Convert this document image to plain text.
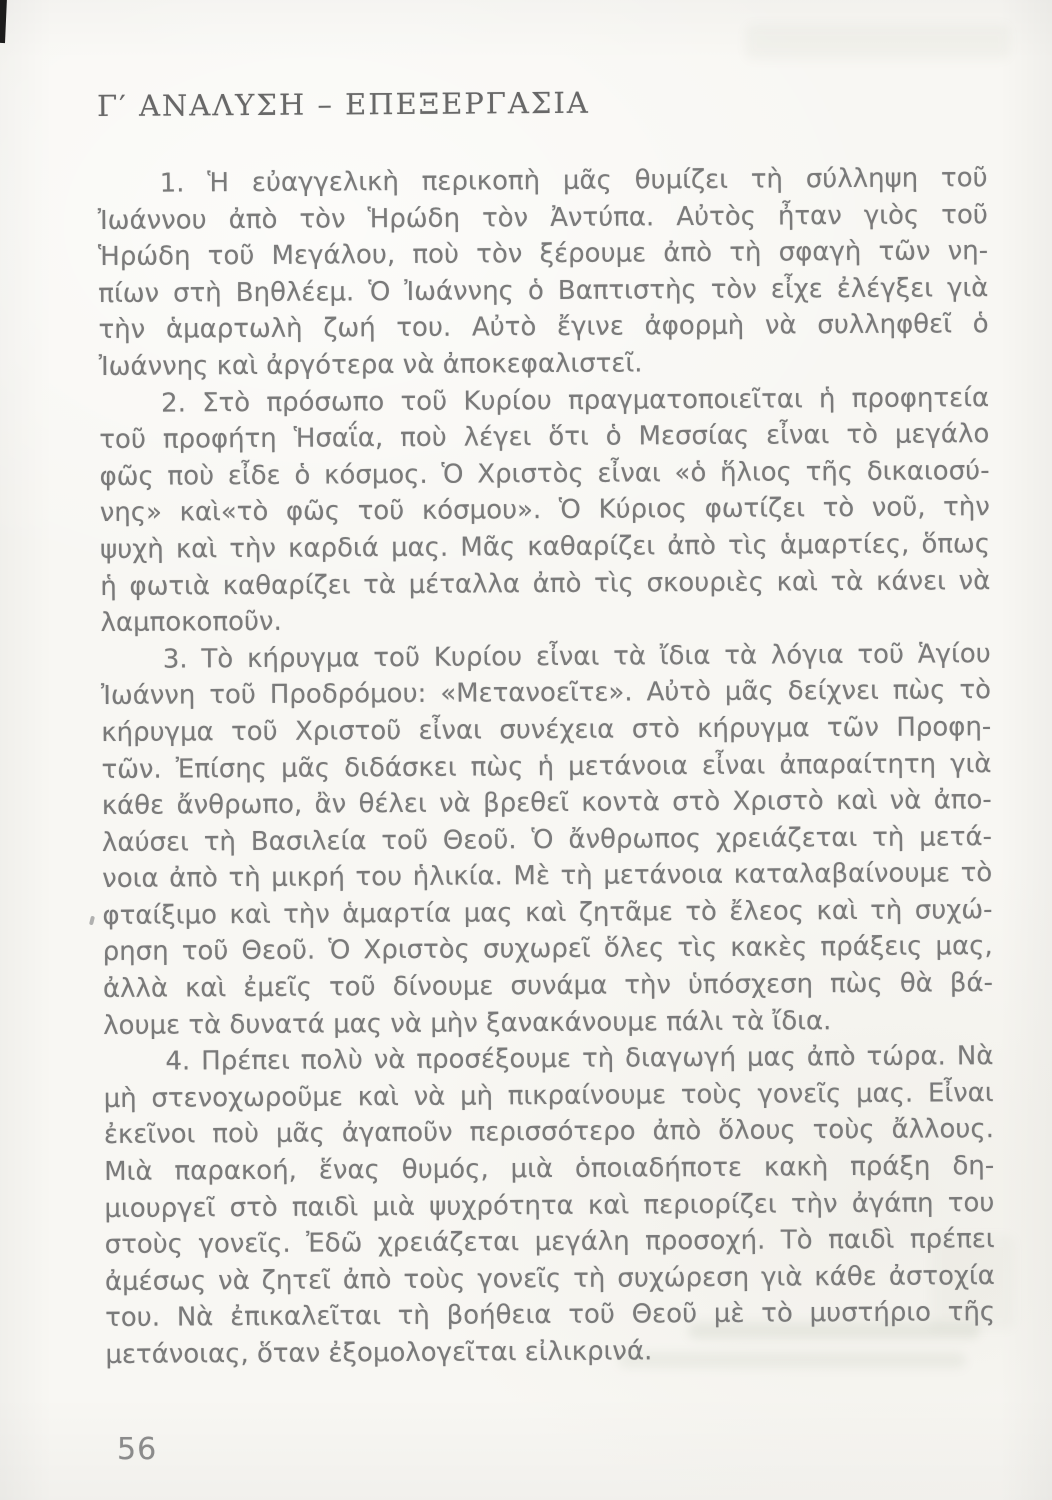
Γ′ ΑΝΑΛΥΣΗ – ΕΠΕΞΕΡΓΑΣΙΑ
1. Ἡ εὐαγγελικὴ περικοπὴ μᾶς θυμίζει τὴ σύλληψη τοῦ
Ἰωάννου ἀπὸ τὸν Ἡρώδη τὸν Ἀντύπα. Αὐτὸς ἦταν γιὸς τοῦ
Ἡρώδη τοῦ Μεγάλου, ποὺ τὸν ξέρουμε ἀπὸ τὴ σφαγὴ τῶν νη-
πίων στὴ Βηθλέεμ. Ὁ Ἰωάννης ὁ Βαπτιστὴς τὸν εἶχε ἐλέγξει γιὰ
τὴν ἁμαρτωλὴ ζωή του. Αὐτὸ ἔγινε ἀφορμὴ νὰ συλληφθεῖ ὁ
Ἰωάννης καὶ ἀργότερα νὰ ἀποκεφαλιστεῖ.
2. Στὸ πρόσωπο τοῦ Κυρίου πραγματοποιεῖται ἡ προφητεία
τοῦ προφήτη Ἡσαΐα, ποὺ λέγει ὅτι ὁ Μεσσίας εἶναι τὸ μεγάλο
φῶς ποὺ εἶδε ὁ κόσμος. Ὁ Χριστὸς εἶναι «ὁ ἥλιος τῆς δικαιοσύ-
νης» καὶ«τὸ φῶς τοῦ κόσμου». Ὁ Κύριος φωτίζει τὸ νοῦ, τὴν
ψυχὴ καὶ τὴν καρδιά μας. Μᾶς καθαρίζει ἀπὸ τὶς ἁμαρτίες, ὅπως
ἡ φωτιὰ καθαρίζει τὰ μέταλλα ἀπὸ τὶς σκουριὲς καὶ τὰ κάνει νὰ
λαμποκοποῦν.
3. Τὸ κήρυγμα τοῦ Κυρίου εἶναι τὰ ἴδια τὰ λόγια τοῦ Ἁγίου
Ἰωάννη τοῦ Προδρόμου: «Μετανοεῖτε». Αὐτὸ μᾶς δείχνει πὼς τὸ
κήρυγμα τοῦ Χριστοῦ εἶναι συνέχεια στὸ κήρυγμα τῶν Προφη-
τῶν. Ἐπίσης μᾶς διδάσκει πὼς ἡ μετάνοια εἶναι ἀπαραίτητη γιὰ
κάθε ἄνθρωπο, ἂν θέλει νὰ βρεθεῖ κοντὰ στὸ Χριστὸ καὶ νὰ ἀπο-
λαύσει τὴ Βασιλεία τοῦ Θεοῦ. Ὁ ἄνθρωπος χρειάζεται τὴ μετά-
νοια ἀπὸ τὴ μικρή του ἡλικία. Μὲ τὴ μετάνοια καταλαβαίνουμε τὸ
φταίξιμο καὶ τὴν ἁμαρτία μας καὶ ζητᾶμε τὸ ἔλεος καὶ τὴ συχώ-
ρηση τοῦ Θεοῦ. Ὁ Χριστὸς συχωρεῖ ὅλες τὶς κακὲς πράξεις μας,
ἀλλὰ καὶ ἐμεῖς τοῦ δίνουμε συνάμα τὴν ὑπόσχεση πὼς θὰ βά-
λουμε τὰ δυνατά μας νὰ μὴν ξανακάνουμε πάλι τὰ ἴδια.
4. Πρέπει πολὺ νὰ προσέξουμε τὴ διαγωγή μας ἀπὸ τώρα. Νὰ
μὴ στενοχωροῦμε καὶ νὰ μὴ πικραίνουμε τοὺς γονεῖς μας. Εἶναι
ἐκεῖνοι ποὺ μᾶς ἀγαποῦν περισσότερο ἀπὸ ὅλους τοὺς ἄλλους.
Μιὰ παρακοή, ἕνας θυμός, μιὰ ὁποιαδήποτε κακὴ πράξη δη-
μιουργεῖ στὸ παιδὶ μιὰ ψυχρότητα καὶ περιορίζει τὴν ἀγάπη του
στοὺς γονεῖς. Ἐδῶ χρειάζεται μεγάλη προσοχή. Τὸ παιδὶ πρέπει
ἀμέσως νὰ ζητεῖ ἀπὸ τοὺς γονεῖς τὴ συχώρεση γιὰ κάθε ἀστοχία
του. Νὰ ἐπικαλεῖται τὴ βοήθεια τοῦ Θεοῦ μὲ τὸ μυστήριο τῆς
μετάνοιας, ὅταν ἐξομολογεῖται εἰλικρινά.
56
